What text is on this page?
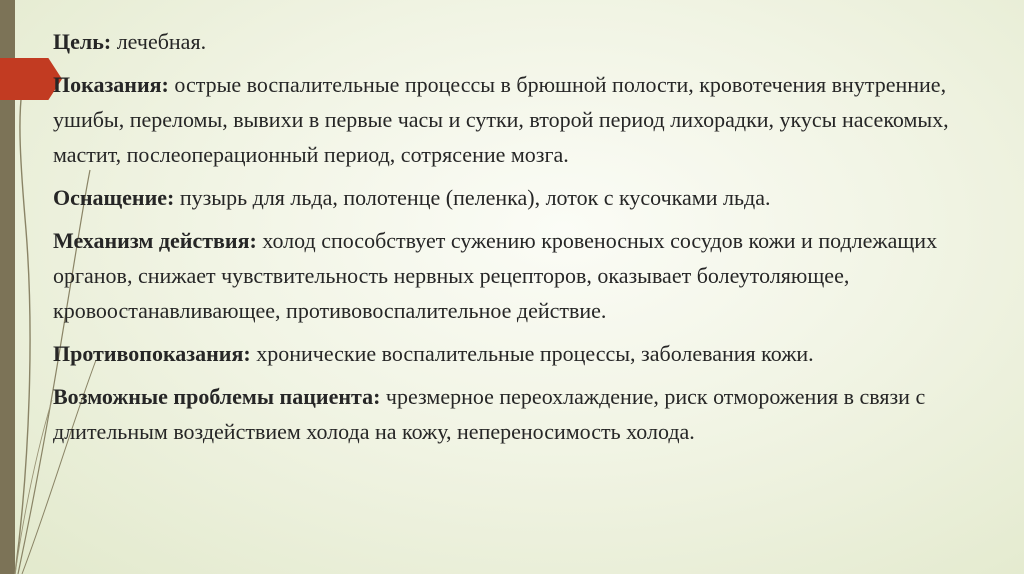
Цель: лечебная.

Показания: острые воспалительные процессы в брюшной полости, кровотечения внутренние, ушибы, переломы, вывихи в первые часы и сутки, второй период лихорадки, укусы насекомых, мастит, послеоперационный период, сотрясение мозга.

Оснащение: пузырь для льда, полотенце (пеленка), лоток с кусочками льда.

Механизм действия: холод способствует сужению кровеносных сосудов кожи и подлежащих органов, снижает чувствительность нервных рецепторов, оказывает болеутоляющее, кровоостанавливающее, противовоспалительное действие.

Противопоказания: хронические воспалительные процессы, заболевания кожи.

Возможные проблемы пациента: чрезмерное переохлаждение, риск отморожения в связи с длительным воздействием холода на кожу, непереносимость холода.
